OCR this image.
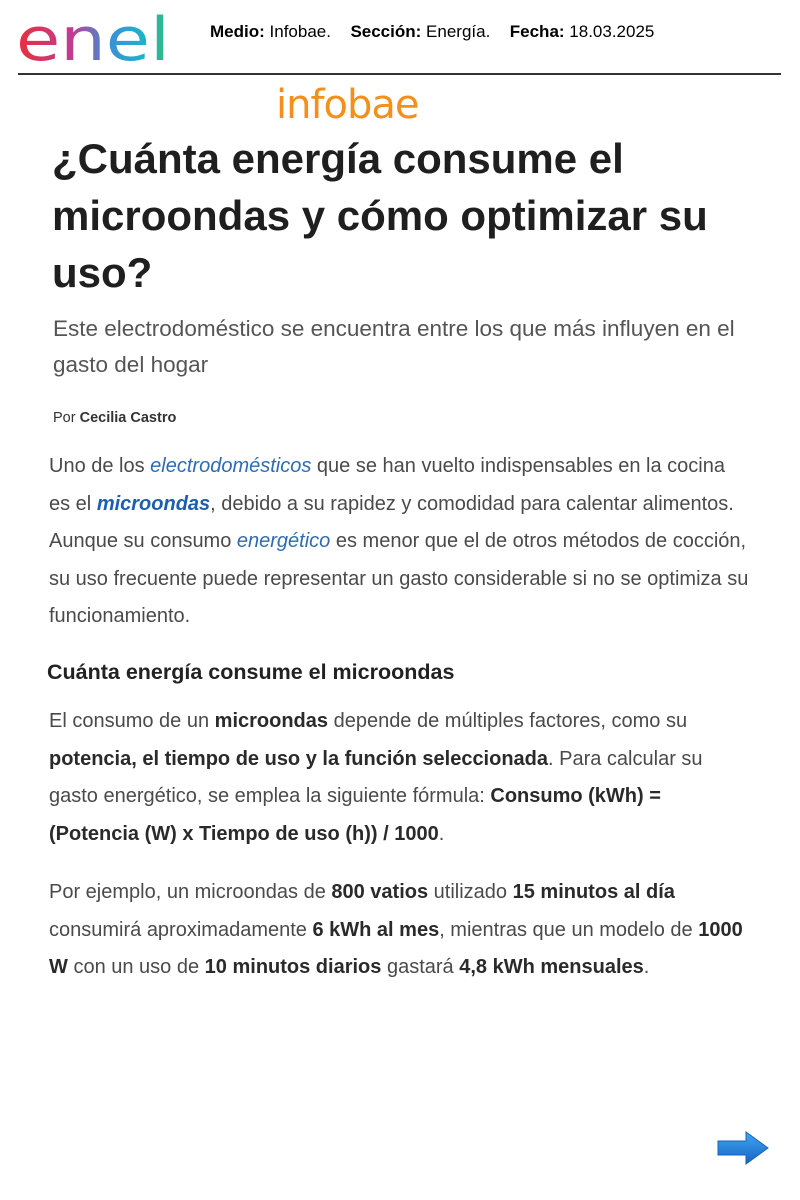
enel Medio: Infobae. Sección: Energía. Fecha: 18.03.2025
infobae
¿Cuánta energía consume el microondas y cómo optimizar su uso?

Este electrodoméstico se encuentra entre los que más influyen en el gasto del hogar

Por Cecilia Castro

Uno de los electrodomésticos que se han vuelto indispensables en la cocina es el microondas, debido a su rapidez y comodidad para calentar alimentos. Aunque su consumo energético es menor que el de otros métodos de cocción, su uso frecuente puede representar un gasto considerable si no se optimiza su funcionamiento.

Cuánta energía consume el microondas

El consumo de un microondas depende de múltiples factores, como su potencia, el tiempo de uso y la función seleccionada. Para calcular su gasto energético, se emplea la siguiente fórmula: Consumo (kWh) = (Potencia (W) x Tiempo de uso (h)) / 1000.

Por ejemplo, un microondas de 800 vatios utilizado 15 minutos al día consumirá aproximadamente 6 kWh al mes, mientras que un modelo de 1000 W con un uso de 10 minutos diarios gastará 4,8 kWh mensuales.
